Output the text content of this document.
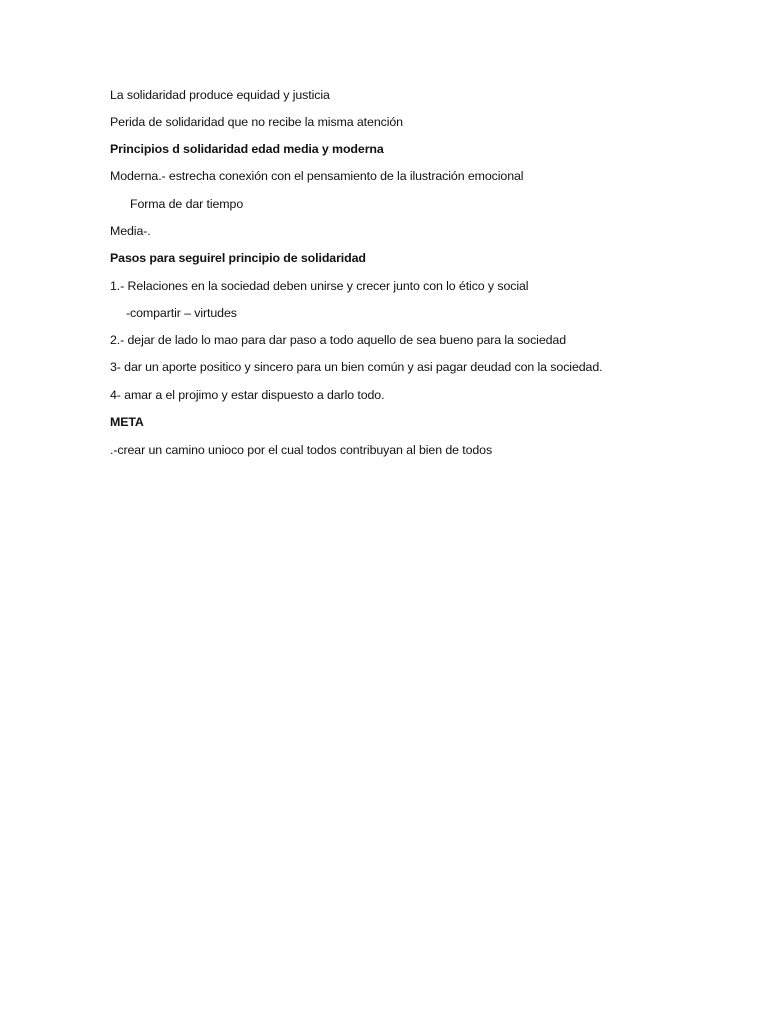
La solidaridad produce equidad y justicia
Perida de solidaridad que no recibe la misma atención
Principios d solidaridad edad media y moderna
Moderna.- estrecha conexión con el pensamiento de la ilustración emocional
Forma de dar tiempo
Media-.
Pasos para seguirel principio de solidaridad
1.- Relaciones en la sociedad deben unirse y crecer junto con lo ético y social
-compartir – virtudes
2.- dejar de lado lo mao para dar paso a todo aquello de sea bueno para la sociedad
3- dar un aporte positico y sincero para un bien común y asi pagar deudad con la sociedad.
4- amar a el projimo y estar dispuesto a darlo todo.
META
.-crear un camino unioco por el cual todos contribuyan al bien de todos
